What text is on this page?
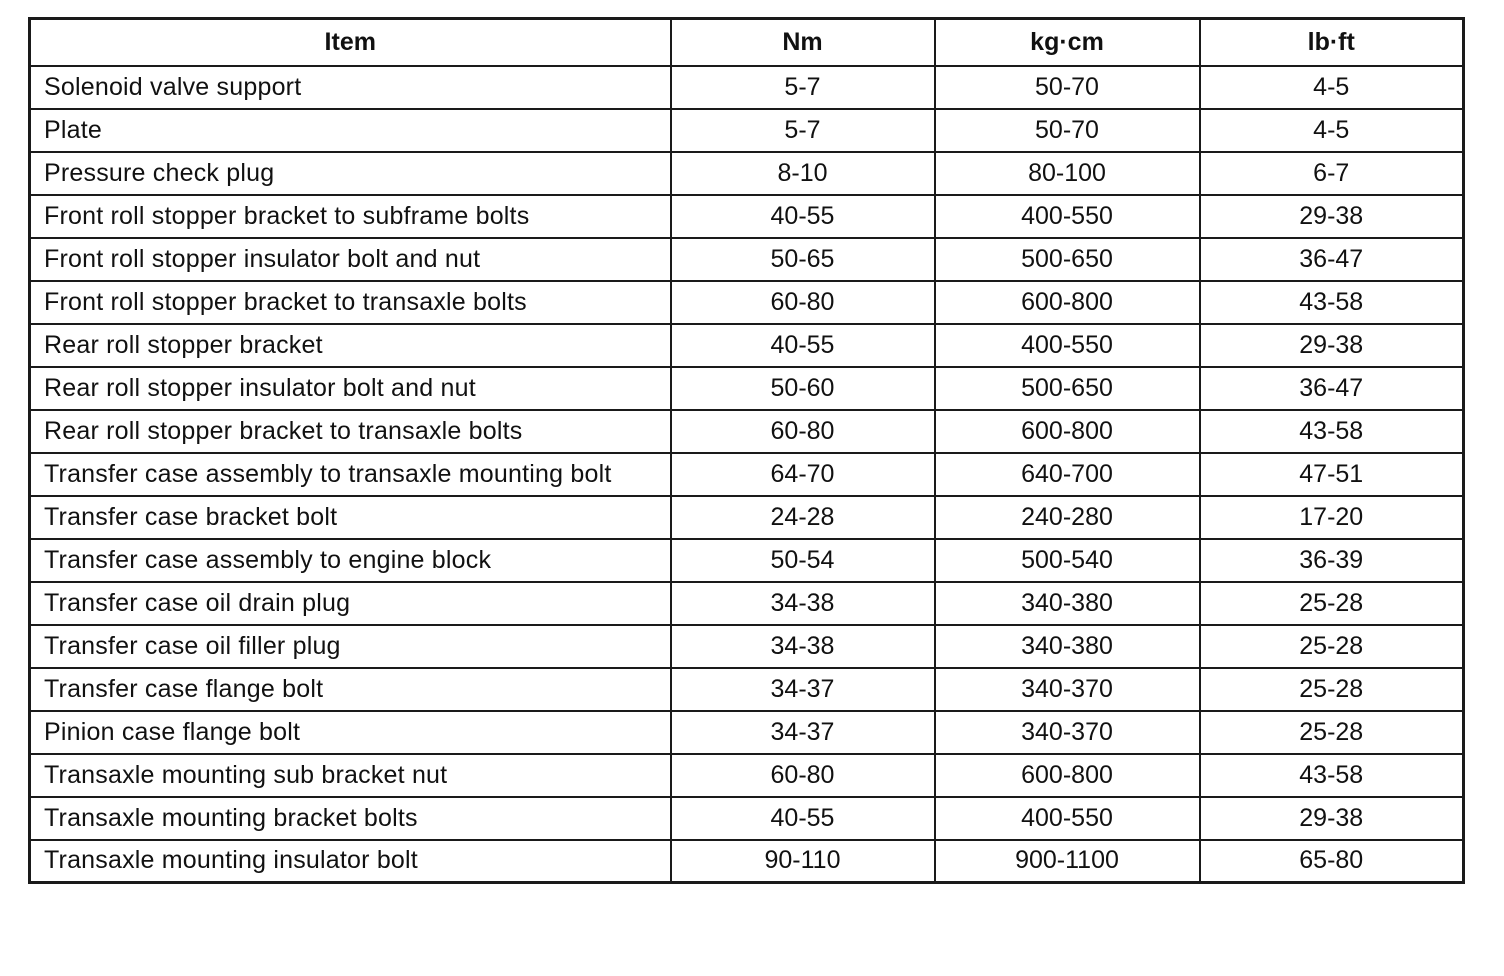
Item	Nm	kg·cm	lb·ft
Solenoid valve support	5-7	50-70	4-5
Plate	5-7	50-70	4-5
Pressure check plug	8-10	80-100	6-7
Front roll stopper bracket to subframe bolts	40-55	400-550	29-38
Front roll stopper insulator bolt and nut	50-65	500-650	36-47
Front roll stopper bracket to transaxle bolts	60-80	600-800	43-58
Rear roll stopper bracket	40-55	400-550	29-38
Rear roll stopper insulator bolt and nut	50-60	500-650	36-47
Rear roll stopper bracket to transaxle bolts	60-80	600-800	43-58
Transfer case assembly to transaxle mounting bolt	64-70	640-700	47-51
Transfer case bracket bolt	24-28	240-280	17-20
Transfer case assembly to engine block	50-54	500-540	36-39
Transfer case oil drain plug	34-38	340-380	25-28
Transfer case oil filler plug	34-38	340-380	25-28
Transfer case flange bolt	34-37	340-370	25-28
Pinion case flange bolt	34-37	340-370	25-28
Transaxle mounting sub bracket nut	60-80	600-800	43-58
Transaxle mounting bracket bolts	40-55	400-550	29-38
Transaxle mounting insulator bolt	90-110	900-1100	65-80
